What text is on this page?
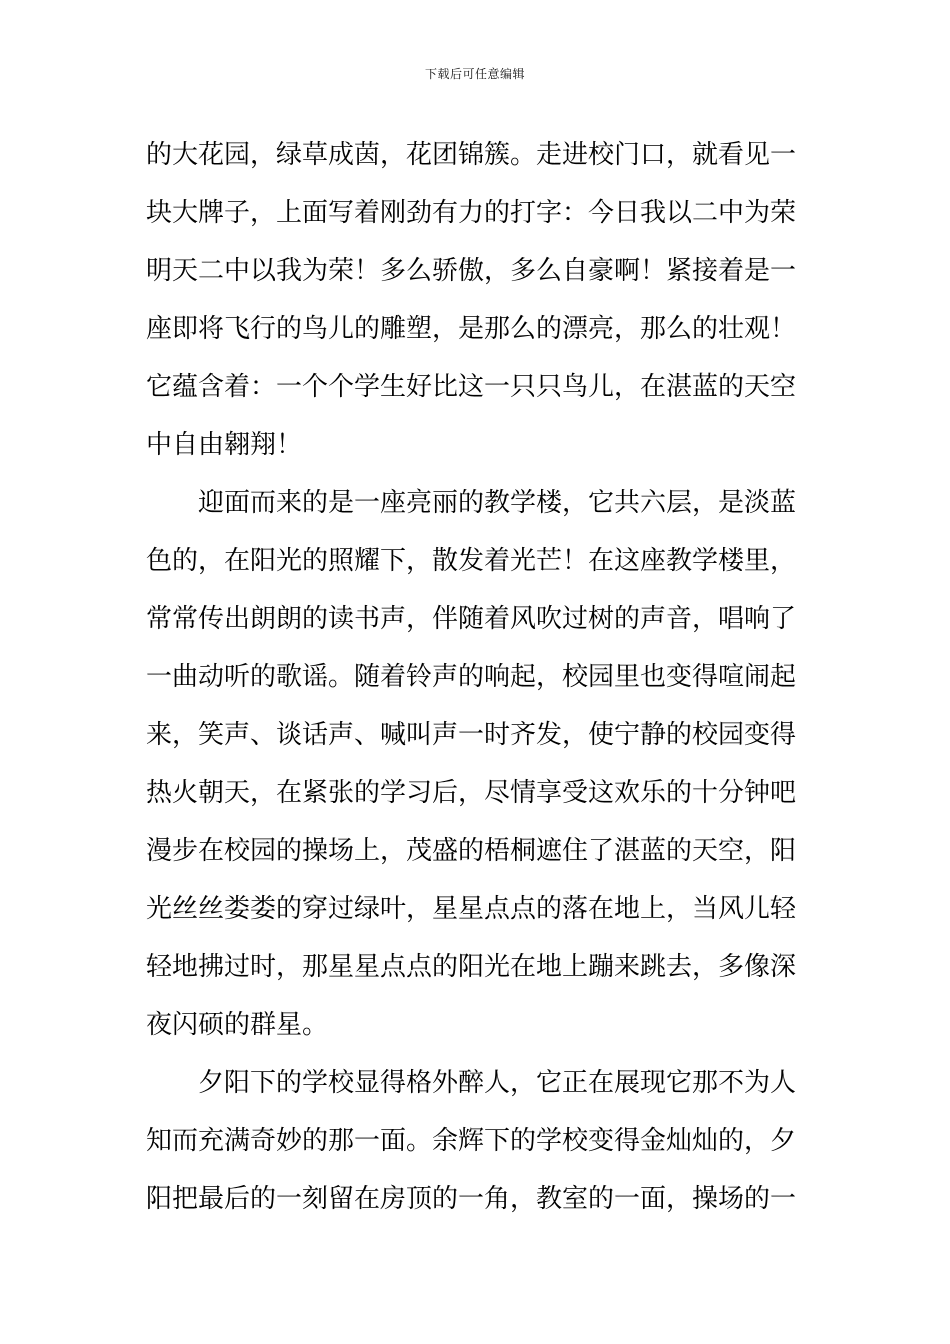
下载后可任意编辑
的大花园，绿草成茵，花团锦簇。走进校门口，就看见一
块大牌子，上面写着刚劲有力的打字：今日我以二中为荣
明天二中以我为荣！多么骄傲，多么自豪啊！紧接着是一
座即将飞行的鸟儿的雕塑，是那么的漂亮，那么的壮观！
它蕴含着：一个个学生好比这一只只鸟儿，在湛蓝的天空
中自由翱翔！
迎面而来的是一座亮丽的教学楼，它共六层，是淡蓝
色的，在阳光的照耀下，散发着光芒！在这座教学楼里，
常常传出朗朗的读书声，伴随着风吹过树的声音，唱响了
一曲动听的歌谣。随着铃声的响起，校园里也变得喧闹起
来，笑声、谈话声、喊叫声一时齐发，使宁静的校园变得
热火朝天，在紧张的学习后，尽情享受这欢乐的十分钟吧
漫步在校园的操场上，茂盛的梧桐遮住了湛蓝的天空，阳
光丝丝娄娄的穿过绿叶，星星点点的落在地上，当风儿轻
轻地拂过时，那星星点点的阳光在地上蹦来跳去，多像深
夜闪硕的群星。
夕阳下的学校显得格外醉人，它正在展现它那不为人
知而充满奇妙的那一面。余辉下的学校变得金灿灿的，夕
阳把最后的一刻留在房顶的一角，教室的一面，操场的一
